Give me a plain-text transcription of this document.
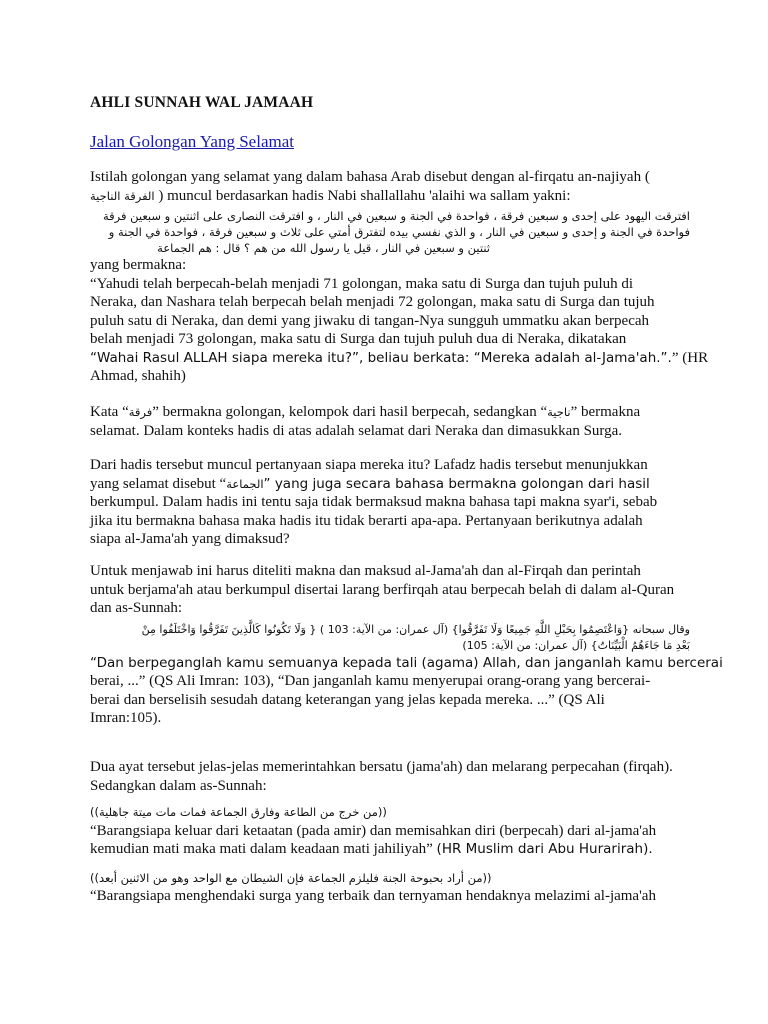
AHLI SUNNAH WAL JAMAAH
Jalan Golongan Yang Selamat
Istilah golongan yang selamat yang dalam bahasa Arab disebut dengan al-firqatu an-najiyah (
الفرقة الناجية ) muncul berdasarkan hadis Nabi shallallahu 'alaihi wa sallam yakni:
افترقت اليهود على إحدى و سبعين فرقة ، فواحدة في الجنة و سبعين في النار ، و افترقت النصارى على اثنتين و سبعين فرقة
فواحدة في الجنة و إحدى و سبعين في النار ، و الذي نفسي بيده لتفترق أمتي على ثلاث و سبعين فرقة ، فواحدة في الجنة و
ثنتين و سبعين في النار ، قيل يا رسول الله من هم ؟ قال : هم الجماعة
yang bermakna:
“Yahudi telah berpecah-belah menjadi 71 golongan, maka satu di Surga dan tujuh puluh di
Neraka, dan Nashara telah berpecah belah menjadi 72 golongan, maka satu di Surga dan tujuh
puluh satu di Neraka, dan demi yang jiwaku di tangan-Nya sungguh ummatku akan berpecah
belah menjadi 73 golongan, maka satu di Surga dan tujuh puluh dua di Neraka, dikatakan
“Wahai Rasul ALLAH siapa mereka itu?”, beliau berkata: “Mereka adalah al-Jama'ah.”.” (HR
Ahmad, shahih)
Kata “فرقة” bermakna golongan, kelompok dari hasil berpecah, sedangkan “ناجية” bermakna
selamat. Dalam konteks hadis di atas adalah selamat dari Neraka dan dimasukkan Surga.
Dari hadis tersebut muncul pertanyaan siapa mereka itu? Lafadz hadis tersebut menunjukkan
yang selamat disebut “الجماعة” yang juga secara bahasa bermakna golongan dari hasil
berkumpul. Dalam hadis ini tentu saja tidak bermaksud makna bahasa tapi makna syar'i, sebab
jika itu bermakna bahasa maka hadis itu tidak berarti apa-apa. Pertanyaan berikutnya adalah
siapa al-Jama'ah yang dimaksud?
Untuk menjawab ini harus diteliti makna dan maksud al-Jama'ah dan al-Firqah dan perintah
untuk berjama'ah atau berkumpul disertai larang berfirqah atau berpecah belah di dalam al-Quran
dan as-Sunnah:
وقال سبحانه {وَاعْتَصِمُوا بِحَبْلِ اللَّهِ جَمِيعًا وَلَا تَفَرَّقُوا} (آل عمران: من الآية: 103 ) { وَلَا تَكُونُوا كَالَّذِينَ تَفَرَّقُوا وَاخْتَلَفُوا مِنْ
بَعْدِ مَا جَاءَهُمُ الْبَيِّنَاتُ} (آل عمران: من الآية: 105)
“Dan berpeganglah kamu semuanya kepada tali (agama) Allah, dan janganlah kamu bercerai
berai, ...” (QS Ali Imran: 103), “Dan janganlah kamu menyerupai orang-orang yang bercerai-
berai dan berselisih sesudah datang keterangan yang jelas kepada mereka. ...” (QS Ali
Imran:105).
Dua ayat tersebut jelas-jelas memerintahkan bersatu (jama'ah) dan melarang perpecahan (firqah).
Sedangkan dalam as-Sunnah:
((من خرج من الطاعة وفارق الجماعة فمات مات ميتة جاهلية))
“Barangsiapa keluar dari ketaatan (pada amir) dan memisahkan diri (berpecah) dari al-jama'ah
kemudian mati maka mati dalam keadaan mati jahiliyah” (HR Muslim dari Abu Hurarirah).
((من أراد بحبوحة الجنة فليلزم الجماعة فإن الشيطان مع الواحد وهو من الاثنين أبعد))
“Barangsiapa menghendaki surga yang terbaik dan ternyaman hendaknya melazimi al-jama'ah
